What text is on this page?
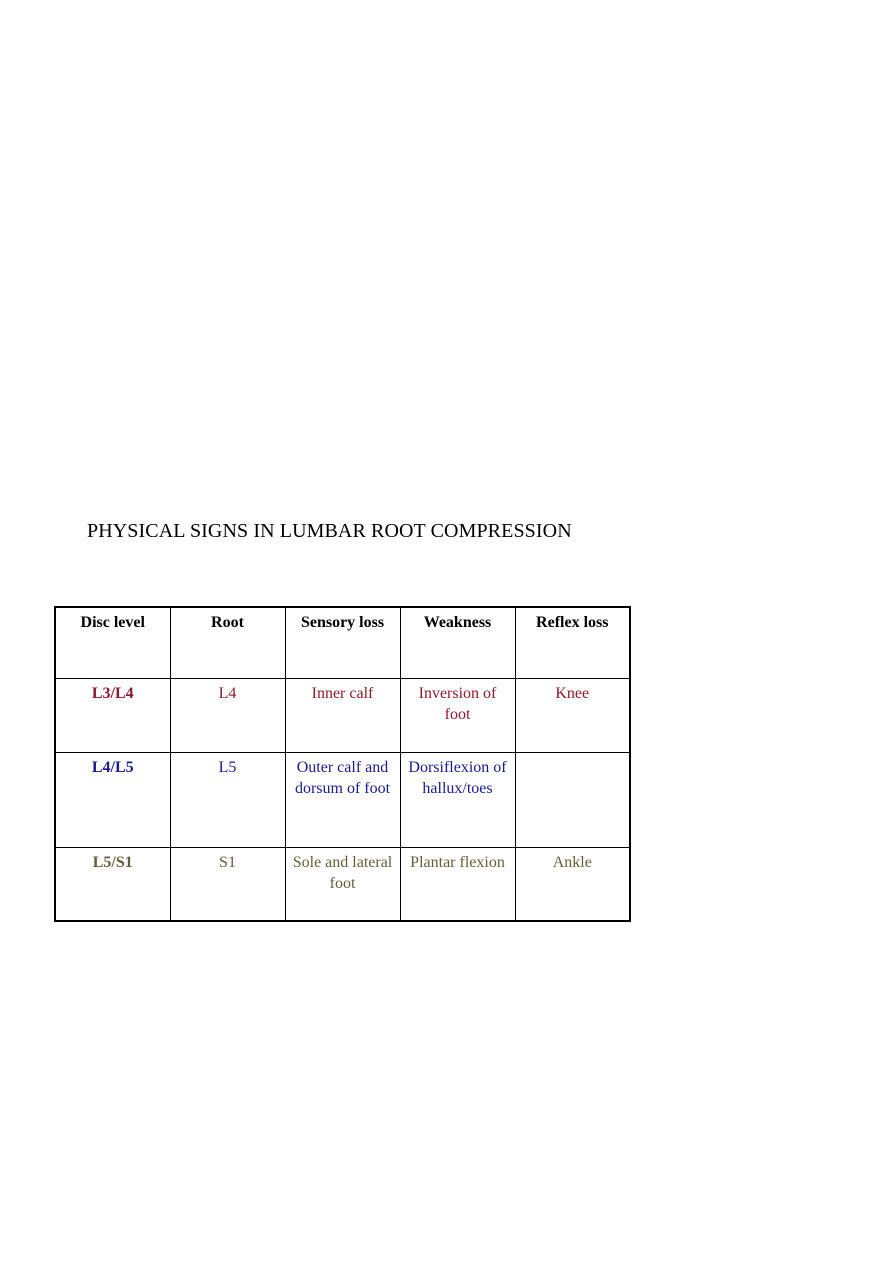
PHYSICAL SIGNS IN LUMBAR ROOT COMPRESSION
Disc level	Root	Sensory loss	Weakness	Reflex loss
L3/L4	L4	Inner calf	Inversion of foot	Knee
L4/L5	L5	Outer calf and dorsum of foot	Dorsiflexion of hallux/toes	
L5/S1	S1	Sole and lateral foot	Plantar flexion	Ankle
